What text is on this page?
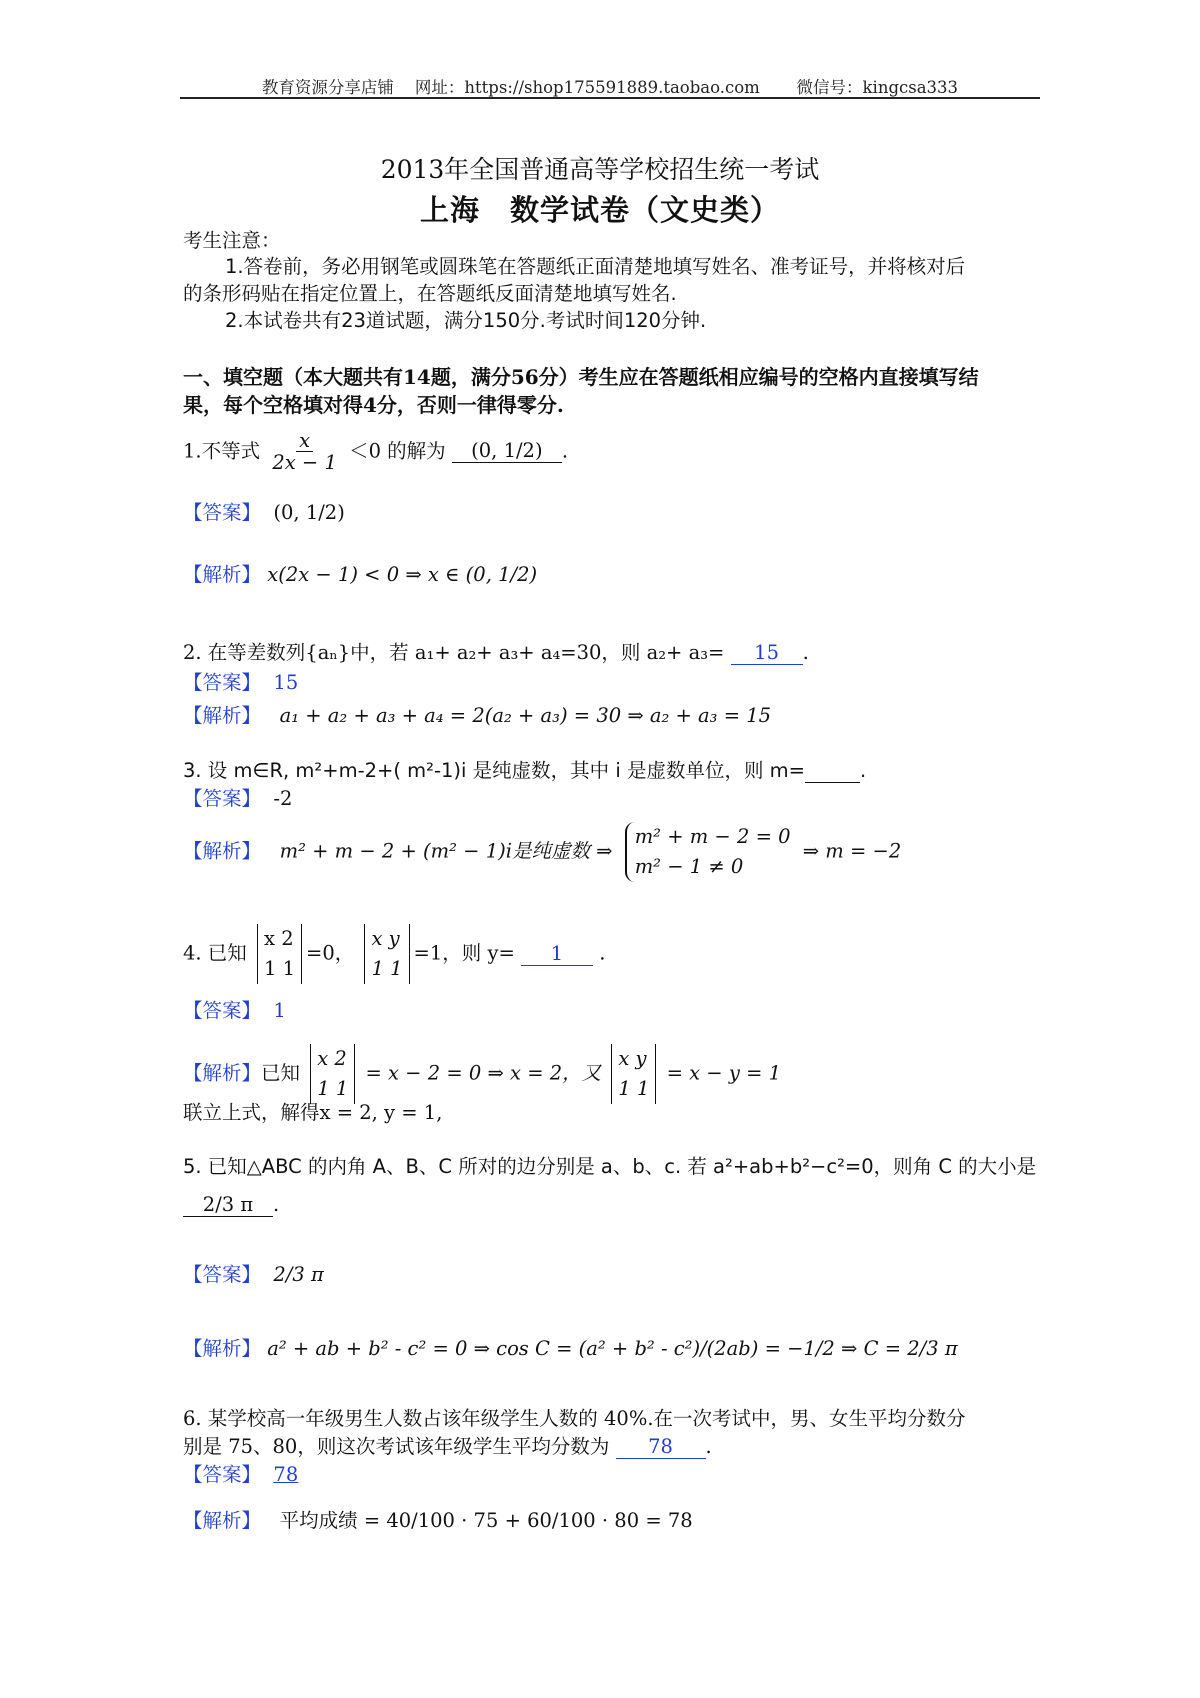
教育资源分享店铺 网址：https://shop175591889.taobao.com 微信号：kingcsa333
2013年全国普通高等学校招生统一考试
上海　数学试卷（文史类）
考生注意：
1.答卷前，务必用钢笔或圆珠笔在答题纸正面清楚地填写姓名、准考证号，并将核对后
的条形码贴在指定位置上，在答题纸反面清楚地填写姓名.
2.本试卷共有23道试题，满分150分.考试时间120分钟.
一、填空题（本大题共有14题，满分56分）考生应在答题纸相应编号的空格内直接填写结
果，每个空格填对得4分，否则一律得零分.
1.不等式 $\frac{x}{2x - 1} <0$ 的解为 (0, 1/2) .
【答案】 (0, 1/2)
【解析】 x(2x − 1) < 0 ⇒ x ∈ (0, 1/2)
2. 在等差数列{aₙ}中，若 a₁+ a₂+ a₃+ a₄=30，则 a₂+ a₃= 15 .
【答案】 15
【解析】 a₁ + a₂ + a₃ + a₄ = 2(a₂ + a₃) = 30 ⇒ a₂ + a₃ = 15
3. 设 m∈R, m²+m-2+( m²-1)i 是纯虚数，其中 i 是虚数单位，则 m=	.
【答案】 -2
【解析】 m² + m − 2 + (m² − 1)i是纯虚数 ⇒
m² + m − 2 = 0
m² − 1 ≠ 0
⇒ m = −2
4. 已知
x 2
1 1
=0，
x y
1 1
=1，则 y= 1 .
【答案】 1
【解析】已知
x 2
1 1
= x − 2 = 0 ⇒ x = 2，又
x y
1 1
= x − y = 1
联立上式，解得x = 2, y = 1,
5. 已知△ABC 的内角 A、B、C 所对的边分别是 a、b、c. 若 a²+ab+b²−c²=0，则角 C 的大小是
2/3 π .
【答案】 2/3 π
【解析】 a² + ab + b² - c² = 0 ⇒ cos C = (a² + b² - c²)/(2ab) = −1/2 ⇒ C = 2/3 π
6. 某学校高一年级男生人数占该年级学生人数的 40%.在一次考试中，男、女生平均分数分
别是 75、80，则这次考试该年级学生平均分数为 78 .
【答案】 78
【解析】 平均成绩 = 40/100 · 75 + 60/100 · 80 = 78
